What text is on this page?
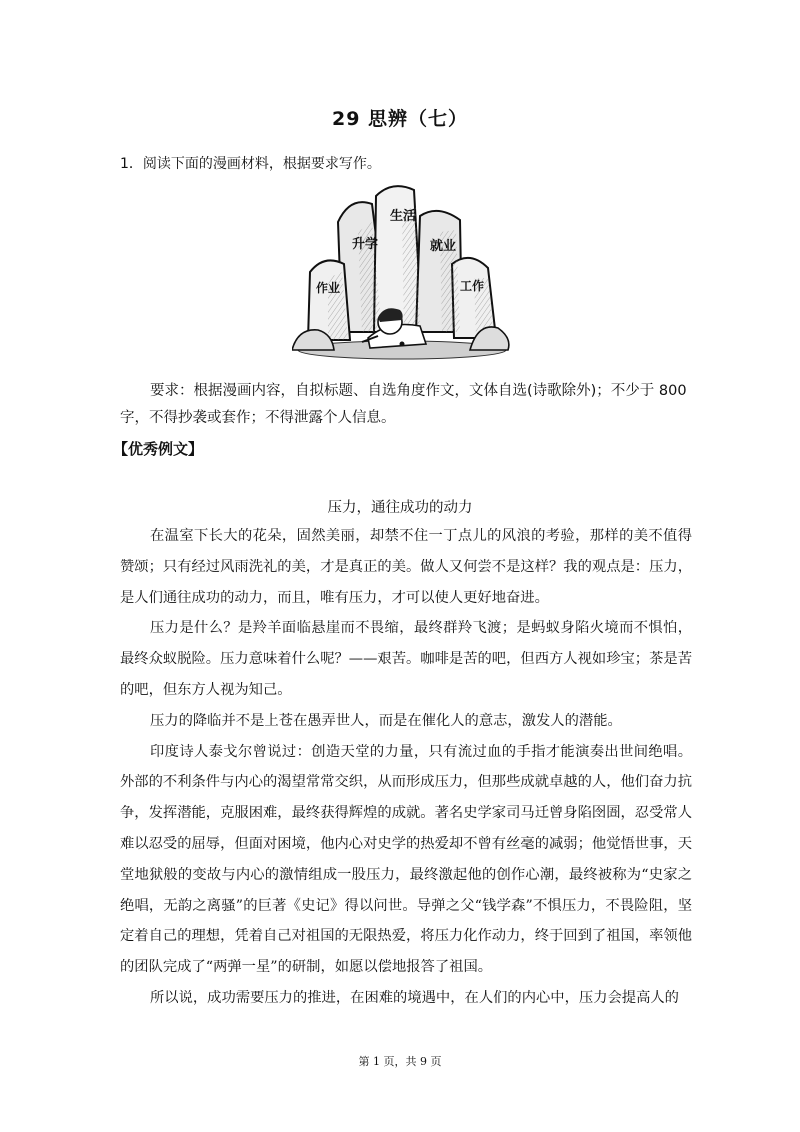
29 思辨（七）
1．阅读下面的漫画材料，根据要求写作。
升学
生活
就业
作业	工作
要求：根据漫画内容，自拟标题、自选角度作文，文体自选(诗歌除外)；不少于 800
字，不得抄袭或套作；不得泄露个人信息。
【优秀例文】
压力，通往成功的动力

在温室下长大的花朵，固然美丽，却禁不住一丁点儿的风浪的考验，那样的美不值得赞颂；只有经过风雨洗礼的美，才是真正的美。做人又何尝不是这样？我的观点是：压力，是人们通往成功的动力，而且，唯有压力，才可以使人更好地奋进。

压力是什么？是羚羊面临悬崖而不畏缩，最终群羚飞渡；是蚂蚁身陷火境而不惧怕，最终众蚁脱险。压力意味着什么呢？——艰苦。咖啡是苦的吧，但西方人视如珍宝；茶是苦的吧，但东方人视为知己。

压力的降临并不是上苍在愚弄世人，而是在催化人的意志，激发人的潜能。

印度诗人泰戈尔曾说过：创造天堂的力量，只有流过血的手指才能演奏出世间绝唱。外部的不利条件与内心的渴望常常交织，从而形成压力，但那些成就卓越的人，他们奋力抗争，发挥潜能，克服困难，最终获得辉煌的成就。著名史学家司马迁曾身陷囹圄，忍受常人难以忍受的屈辱，但面对困境，他内心对史学的热爱却不曾有丝毫的减弱；他觉悟世事，天堂地狱般的变故与内心的激情组成一股压力，最终激起他的创作心潮，最终被称为“史家之绝唱，无韵之离骚”的巨著《史记》得以问世。导弹之父“钱学森”不惧压力，不畏险阻，坚定着自己的理想，凭着自己对祖国的无限热爱，将压力化作动力，终于回到了祖国，率领他的团队完成了“两弹一星”的研制，如愿以偿地报答了祖国。

所以说，成功需要压力的推进，在困难的境遇中，在人们的内心中，压力会提高人的

第 1 页，共 9 页
